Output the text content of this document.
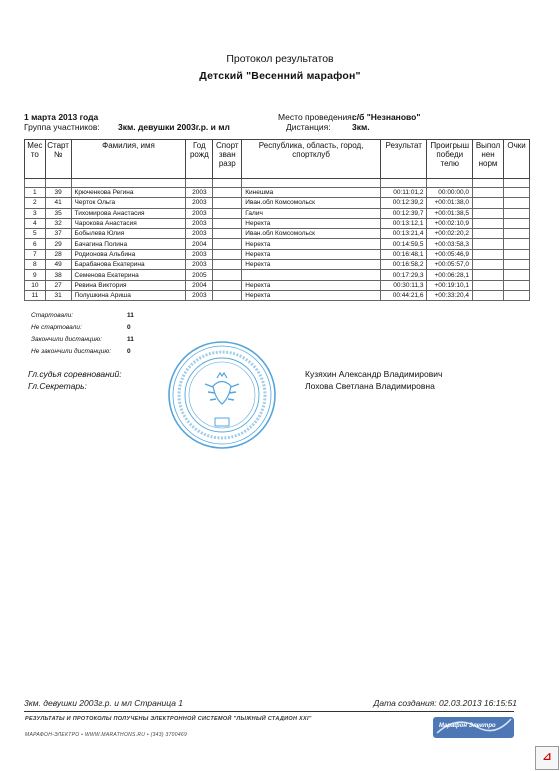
Протокол результатов
Детский "Весенний марафон"
1 марта 2013 года	Место проведения:
с/б "Незнаново"
Группа участников: 3км. девушки 2003г.р. и мл	Дистанция:	3км.
Мес то	Старт №	Фамилия, имя	Год рожд	Спорт зван разр	Республика, область, город, спортклуб	Результат	Проигрыш победи телю	Выпол нен норм	Очки

1	39	Крюченкова Регина	2003		Кинешма	00:11:01,2	00:00:00,0		
2	41	Черток Ольга	2003		Иван.обл Комсомольск	00:12:39,2	+00:01:38,0		
3	35	Тихомирова Анастасия	2003		Галич	00:12:39,7	+00:01:38,5		
4	32	Чарокова Анастасия	2003		Нерехта	00:13:12,1	+00:02:10,9		
5	37	Бобылева Юлия	2003		Иван.обл Комсомольск	00:13:21,4	+00:02:20,2		
6	29	Бачагина Полина	2004		Нерехта	00:14:59,5	+00:03:58,3		
7	28	Родионова Альбина	2003		Нерехта	00:16:48,1	+00:05:46,9		
8	49	Барабанова Екатерина	2003		Нерехта	00:16:58,2	+00:05:57,0		
9	38	Семенова Екатерина	2005			00:17:29,3	+00:06:28,1		
10	27	Ревина Виктория	2004		Нерехта	00:30:11,3	+00:19:10,1		
11	31	Полушкина Ариша	2003		Нерехта	00:44:21,6	+00:33:20,4		
Стартовали:	11
Не стартовали:	0
Закончили дистанцию:	11
Не закончили дистанцию: 0
Гл.судья соревнований:	Кузяхин Александр Владимирович
Гл.Секретарь:	Лохова Светлана Владимировна
3км. девушки 2003г.р. и мл Страница 1	Дата создания: 02.03.2013 16:15:51
РЕЗУЛЬТАТЫ И ПРОТОКОЛЫ ПОЛУЧЕНЫ ЭЛЕКТРОННОЙ СИСТЕМОЙ "ЛЫЖНЫЙ СТАДИОН XXI"
МАРАФОН-ЭЛЕКТРО • WWW.MARATHONS.RU • (343) 3700469
Марафон Электро
⊿
